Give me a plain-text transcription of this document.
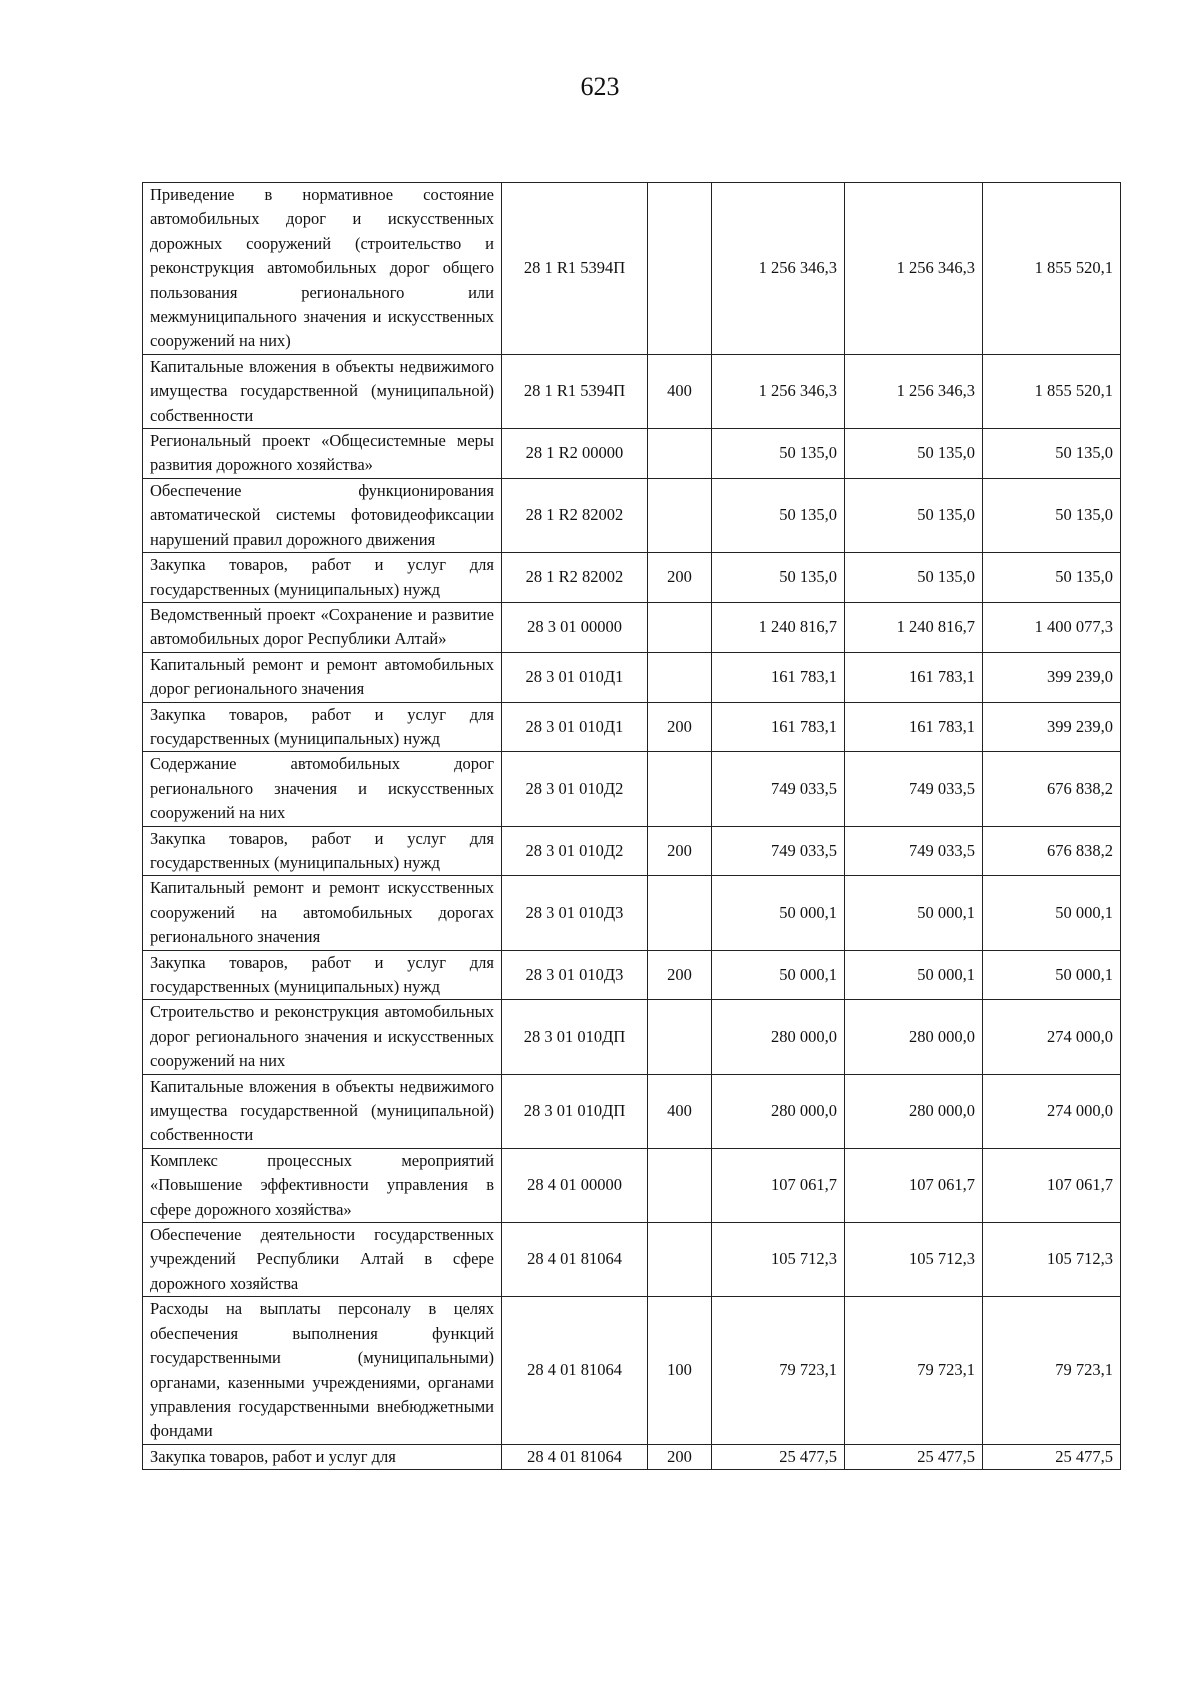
623
Приведение в нормативное состояние автомобильных дорог и искусственных дорожных сооружений (строительство и реконструкция автомобильных дорог общего пользования регионального или межмуниципального значения и искусственных сооружений на них)	28 1 R1 5394П		1 256 346,3	1 256 346,3	1 855 520,1
Капитальные вложения в объекты недвижимого имущества государственной (муниципальной) собственности	28 1 R1 5394П	400	1 256 346,3	1 256 346,3	1 855 520,1
Региональный проект «Общесистемные меры развития дорожного хозяйства»	28 1 R2 00000		50 135,0	50 135,0	50 135,0
Обеспечение функционирования автоматической системы фотовидеофиксации нарушений правил дорожного движения	28 1 R2 82002		50 135,0	50 135,0	50 135,0
Закупка товаров, работ и услуг для государственных (муниципальных) нужд	28 1 R2 82002	200	50 135,0	50 135,0	50 135,0
Ведомственный проект «Сохранение и развитие автомобильных дорог Республики Алтай»	28 3 01 00000		1 240 816,7	1 240 816,7	1 400 077,3
Капитальный ремонт и ремонт автомобильных дорог регионального значения	28 3 01 010Д1		161 783,1	161 783,1	399 239,0
Закупка товаров, работ и услуг для государственных (муниципальных) нужд	28 3 01 010Д1	200	161 783,1	161 783,1	399 239,0
Содержание автомобильных дорог регионального значения и искусственных сооружений на них	28 3 01 010Д2		749 033,5	749 033,5	676 838,2
Закупка товаров, работ и услуг для государственных (муниципальных) нужд	28 3 01 010Д2	200	749 033,5	749 033,5	676 838,2
Капитальный ремонт и ремонт искусственных сооружений на автомобильных дорогах регионального значения	28 3 01 010Д3		50 000,1	50 000,1	50 000,1
Закупка товаров, работ и услуг для государственных (муниципальных) нужд	28 3 01 010Д3	200	50 000,1	50 000,1	50 000,1
Строительство и реконструкция автомобильных дорог регионального значения и искусственных сооружений на них	28 3 01 010ДП		280 000,0	280 000,0	274 000,0
Капитальные вложения в объекты недвижимого имущества государственной (муниципальной) собственности	28 3 01 010ДП	400	280 000,0	280 000,0	274 000,0
Комплекс процессных мероприятий «Повышение эффективности управления в сфере дорожного хозяйства»	28 4 01 00000		107 061,7	107 061,7	107 061,7
Обеспечение деятельности государственных учреждений Республики Алтай в сфере дорожного хозяйства	28 4 01 81064		105 712,3	105 712,3	105 712,3
Расходы на выплаты персоналу в целях обеспечения выполнения функций государственными (муниципальными) органами, казенными учреждениями, органами управления государственными внебюджетными фондами	28 4 01 81064	100	79 723,1	79 723,1	79 723,1
Закупка товаров, работ и услуг для	28 4 01 81064	200	25 477,5	25 477,5	25 477,5
